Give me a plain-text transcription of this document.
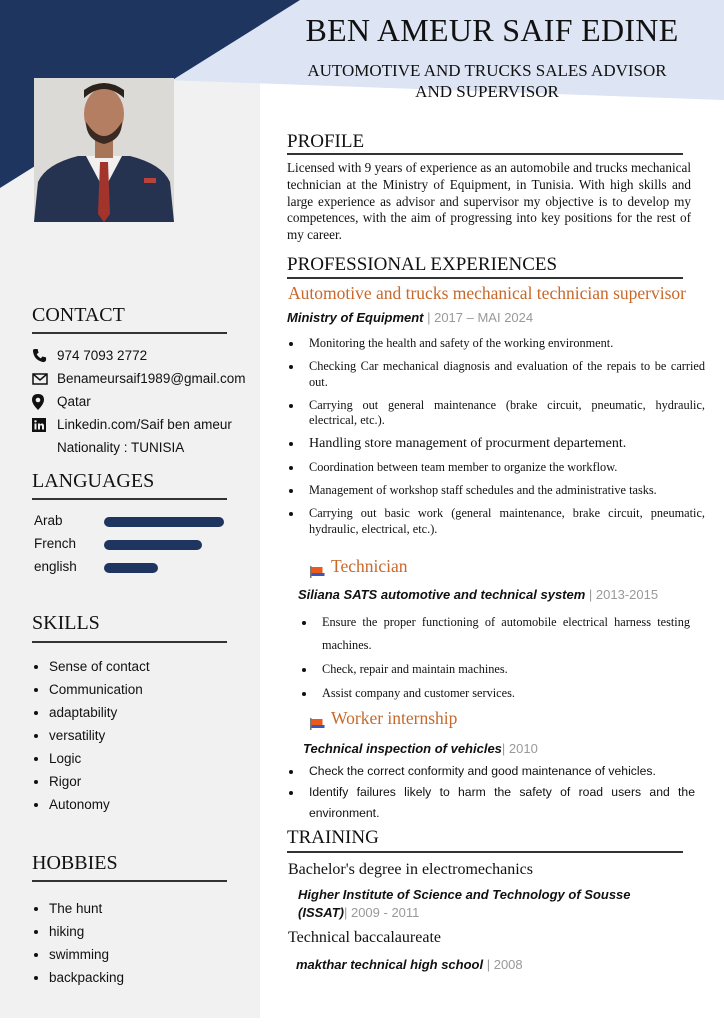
BEN AMEUR SAIF EDINE
AUTOMOTIVE AND TRUCKS SALES ADVISOR
AND SUPERVISOR
CONTACT
974 7093 2772
Benameursaif1989@gmail.com
Qatar
Linkedin.com/Saif ben ameur
Nationality : TUNISIA
LANGUAGES
Arab
French
english
SKILLS
Sense of contact
Communication
adaptability
versatility
Logic
Rigor
Autonomy
HOBBIES
The hunt
hiking
swimming
backpacking
PROFILE
Licensed with 9 years of experience as an automobile and trucks mechanical technician at the Ministry of Equipment, in Tunisia. With high skills and large experience as advisor and supervisor my objective is to develop my competences, with the aim of progressing into key positions for the rest of my career.
PROFESSIONAL EXPERIENCES
Automotive and trucks mechanical technician supervisor
Ministry of Equipment | 2017 – MAI 2024
Monitoring the health and safety of the working environment.
Checking Car mechanical diagnosis and evaluation of the repais to be carried out.
Carrying out general maintenance (brake circuit, pneumatic, hydraulic, electrical, etc.).
Handling store management of procurment departement.
Coordination between team member to organize the workflow.
Management of workshop staff schedules and the administrative tasks.
Carrying out basic work (general maintenance, brake circuit, pneumatic, hydraulic, electrical, etc.).
Technician
Siliana SATS automotive and technical system | 2013-2015
Ensure the proper functioning of automobile electrical harness testing machines.
Check, repair and maintain machines.
Assist company and customer services.
Worker internship
Technical inspection of vehicles| 2010
Check the correct conformity and good maintenance of vehicles.
Identify failures likely to harm the safety of road users and the environment.
TRAINING
Bachelor's degree in electromechanics
Higher Institute of Science and Technology of Sousse
(ISSAT)| 2009 - 2011
Technical baccalaureate
makthar technical high school | 2008
